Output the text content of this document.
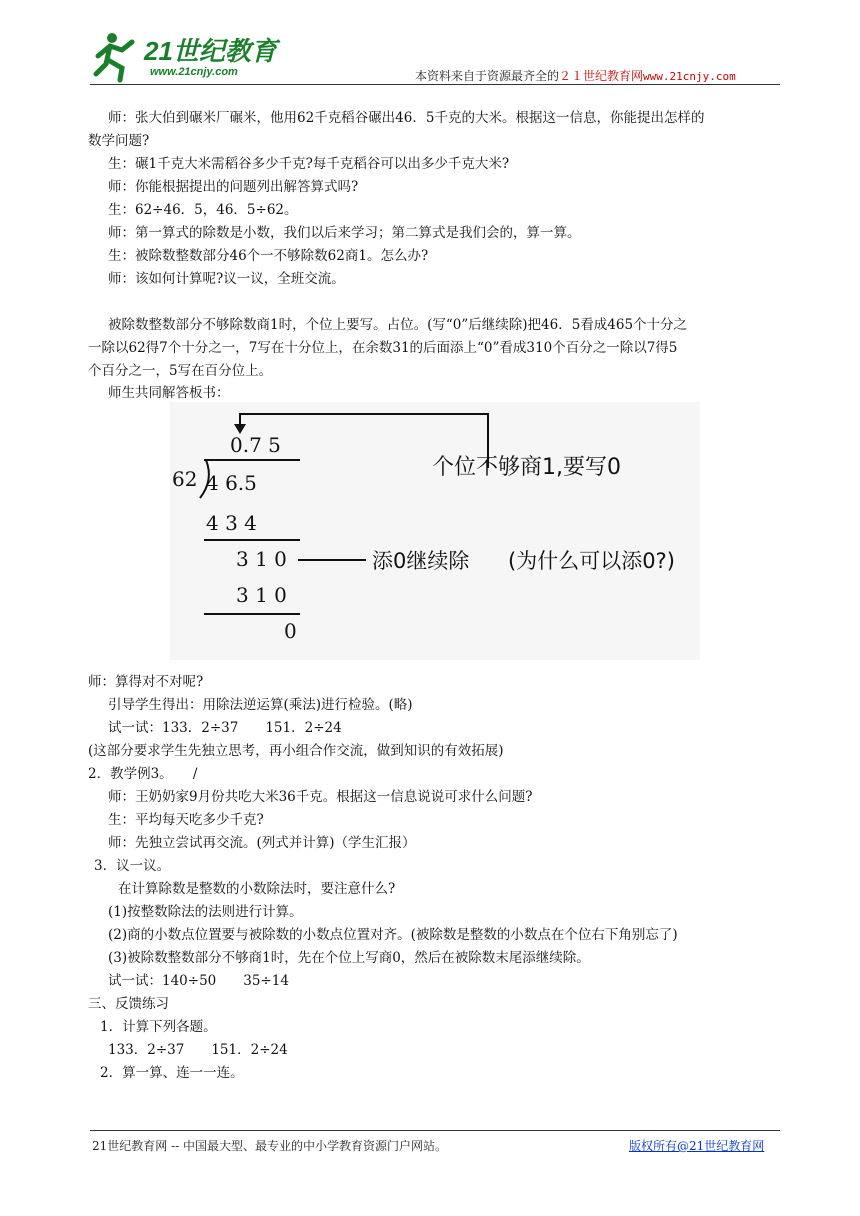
21世纪教育
www.21cnjy.com	本资料来自于资源最齐全的２１世纪教育网www.21cnjy.com
师：张大伯到碾米厂碾米，他用62千克稻谷碾出46．5千克的大米。根据这一信息，你能提出怎样的
数学问题?
生：碾1千克大米需稻谷多少千克?每千克稻谷可以出多少千克大米?
师：你能根据提出的问题列出解答算式吗?
生：62÷46．5，46．5÷62。
师：第一算式的除数是小数，我们以后来学习；第二算式是我们会的，算一算。
生：被除数整数部分46个一不够除数62商1。怎么办?
师：该如何计算呢?议一议，全班交流。
被除数整数部分不够除数商1时，个位上要写。占位。(写“0”后继续除)把46．5看成465个十分之
一除以62得7个十分之一，7写在十分位上，在余数31的后面添上“0”看成310个百分之一除以7得5
个百分之一，5写在百分位上。
师生共同解答板书：
0.7 5
62 4 6.5
4 3 4
3 1 0
3 1 0
0
个位不够商1,要写0
添0继续除 (为什么可以添0?)
师：算得对不对呢?
引导学生得出：用除法逆运算(乘法)进行检验。(略)
试一试：133．2÷37　　151．2÷24
(这部分要求学生先独立思考，再小组合作交流，做到知识的有效拓展)
2．教学例3。　　/
师：王奶奶家9月份共吃大米36千克。根据这一信息说说可求什么问题?
生：平均每天吃多少千克?
师：先独立尝试再交流。(列式并计算)（学生汇报）
3．议一议。
在计算除数是整数的小数除法时，要注意什么?
(1)按整数除法的法则进行计算。
(2)商的小数点位置要与被除数的小数点位置对齐。(被除数是整数的小数点在个位右下角别忘了)
(3)被除数整数部分不够商1时，先在个位上写商0，然后在被除数末尾添继续除。
试一试：140÷50　　35÷14
三、反馈练习
1．计算下列各题。
133．2÷37　　151．2÷24
2．算一算、连一一连。
21世纪教育网 -- 中国最大型、最专业的中小学教育资源门户网站。	版权所有@21世纪教育网
